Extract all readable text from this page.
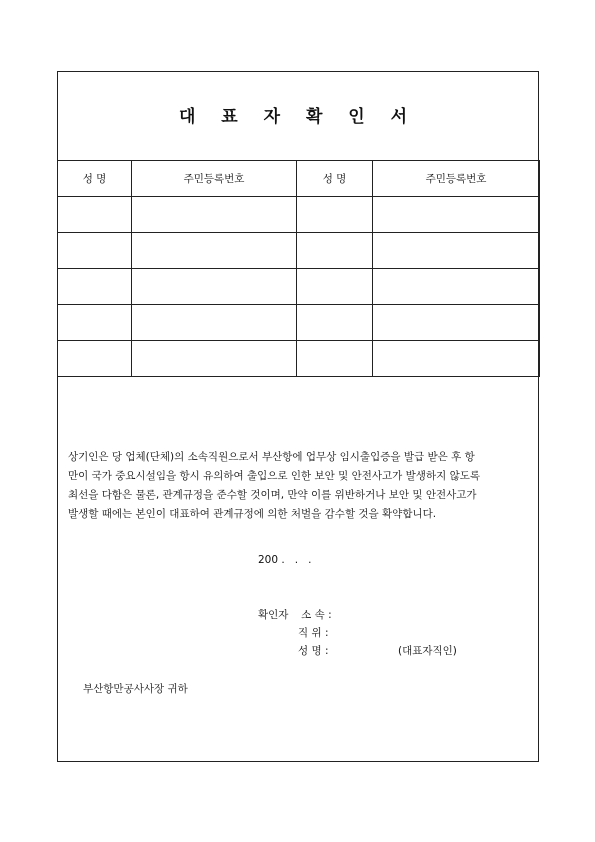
대 표 자 확 인 서
성 명	주민등록번호	성 명	주민등록번호

상기인은 당 업체(단체)의 소속직원으로서 부산항에 업무상 임시출입증을 발급 받은 후 항
만이 국가 중요시설임을 항시 유의하여 출입으로 인한 보안 및 안전사고가 발생하지 않도록
최선을 다함은 물론, 관계규정을 준수할 것이며, 만약 이를 위반하거나 보안 및 안전사고가
발생할 때에는 본인이 대표하여 관계규정에 의한 처벌을 감수할 것을 확약합니다.
200 .   .   .
확인자 소 속 :
직 위 :
성 명 :	(대표자직인)
부산항만공사사장 귀하
